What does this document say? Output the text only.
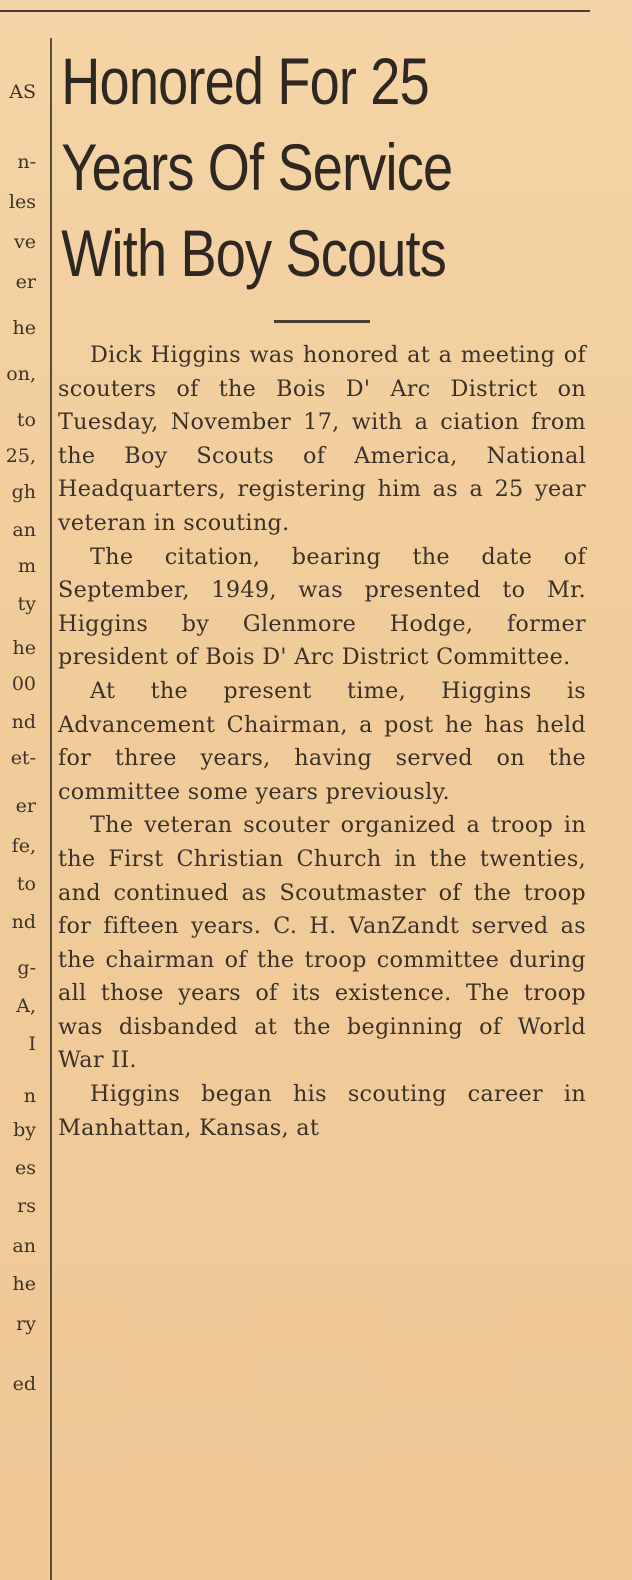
AS
n-
les
ve
er
he
on,
to
25,
gh
an
m
ty
he
00
nd
et-
er
fe,
to
nd
g-
A,
I
n
by
es
rs
an
he
ry
ed
Honored For 25
Years Of Service
With Boy Scouts

Dick Higgins was honored at a meeting of scouters of the Bois D' Arc District on Tuesday, November 17, with a ciation from the Boy Scouts of America, National Headquarters, registering him as a 25 year veteran in scouting.

The citation, bearing the date of September, 1949, was presented to Mr. Higgins by Glenmore Hodge, former president of Bois D' Arc District Committee.

At the present time, Higgins is Advancement Chairman, a post he has held for three years, having served on the committee some years previously.

The veteran scouter organized a troop in the First Christian Church in the twenties, and continued as Scoutmaster of the troop for fifteen years. C. H. VanZandt served as the chairman of the troop committee during all those years of its existence. The troop was disbanded at the beginning of World War II.

Higgins began his scouting career in Manhattan, Kansas, at
